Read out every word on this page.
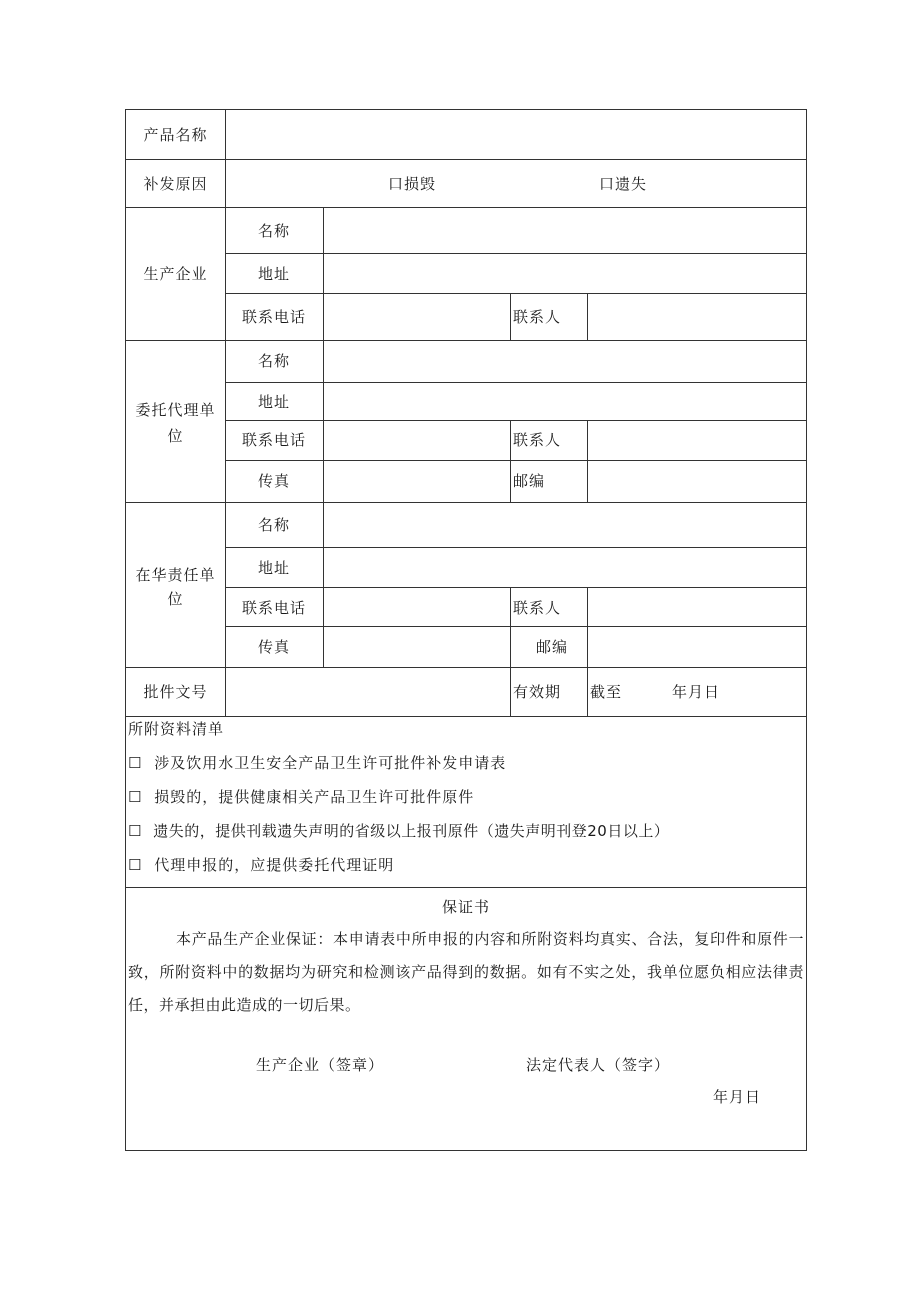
产品名称
补发原因	口损毁	口遗失
生产企业
名称
地址
联系电话	联系人
委托代理单
位
名称
地址
联系电话	联系人
传真	邮编
在华责任单
位
名称
地址
联系电话	联系人
传真	邮编
批件文号	有效期 截至	年月日
所附资料清单
☐ 涉及饮用水卫生安全产品卫生许可批件补发申请表
☐ 损毁的，提供健康相关产品卫生许可批件原件
☐ 遗失的，提供刊载遗失声明的省级以上报刊原件（遗失声明刊登20日以上）
☐ 代理申报的，应提供委托代理证明
保证书
本产品生产企业保证：本申请表中所申报的内容和所附资料均真实、合法，复印件和原件一致，所附资料中的数据均为研究和检测该产品得到的数据。如有不实之处，我单位愿负相应法律责任，并承担由此造成的一切后果。
生产企业（签章）	法定代表人（签字）
年月日
